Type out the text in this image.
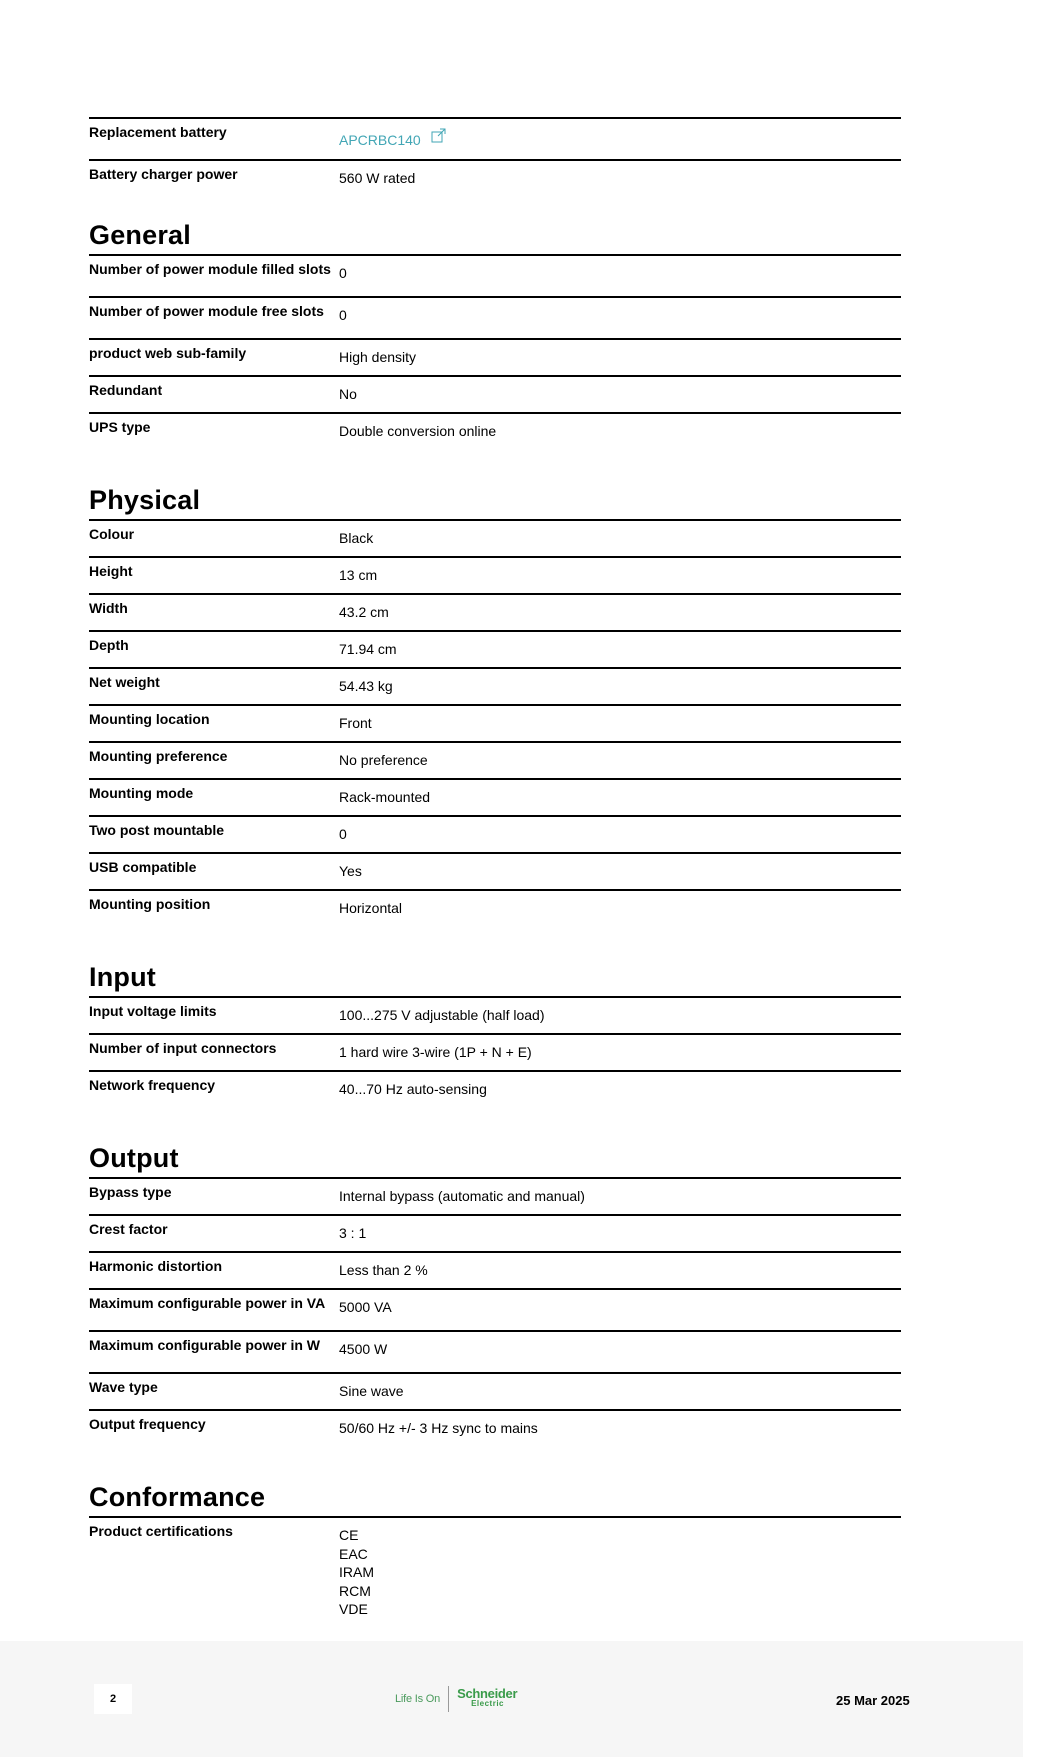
Replacement battery	APCRBC140
Battery charger power	560 W rated
General
Number of power module filled slots 0
Number of power module free slots	0
product web sub-family	High density
Redundant	No
UPS type	Double conversion online
Physical
Colour	Black
Height	13 cm
Width	43.2 cm
Depth	71.94 cm
Net weight	54.43 kg
Mounting location	Front
Mounting preference	No preference
Mounting mode	Rack-mounted
Two post mountable	0
USB compatible	Yes
Mounting position	Horizontal
Input
Input voltage limits	100...275 V adjustable (half load)
Number of input connectors	1 hard wire 3-wire (1P + N + E)
Network frequency	40...70 Hz auto-sensing
Output
Bypass type	Internal bypass (automatic and manual)
Crest factor	3 : 1
Harmonic distortion	Less than 2 %
Maximum configurable power in VA 5000 VA
Maximum configurable power in W	4500 W
Wave type	Sine wave
Output frequency	50/60 Hz +/- 3 Hz sync to mains
Conformance
Product certifications	CE
EAC
IRAM
RCM
VDE
2	Life Is On Schneider
Electric	25 Mar 2025
